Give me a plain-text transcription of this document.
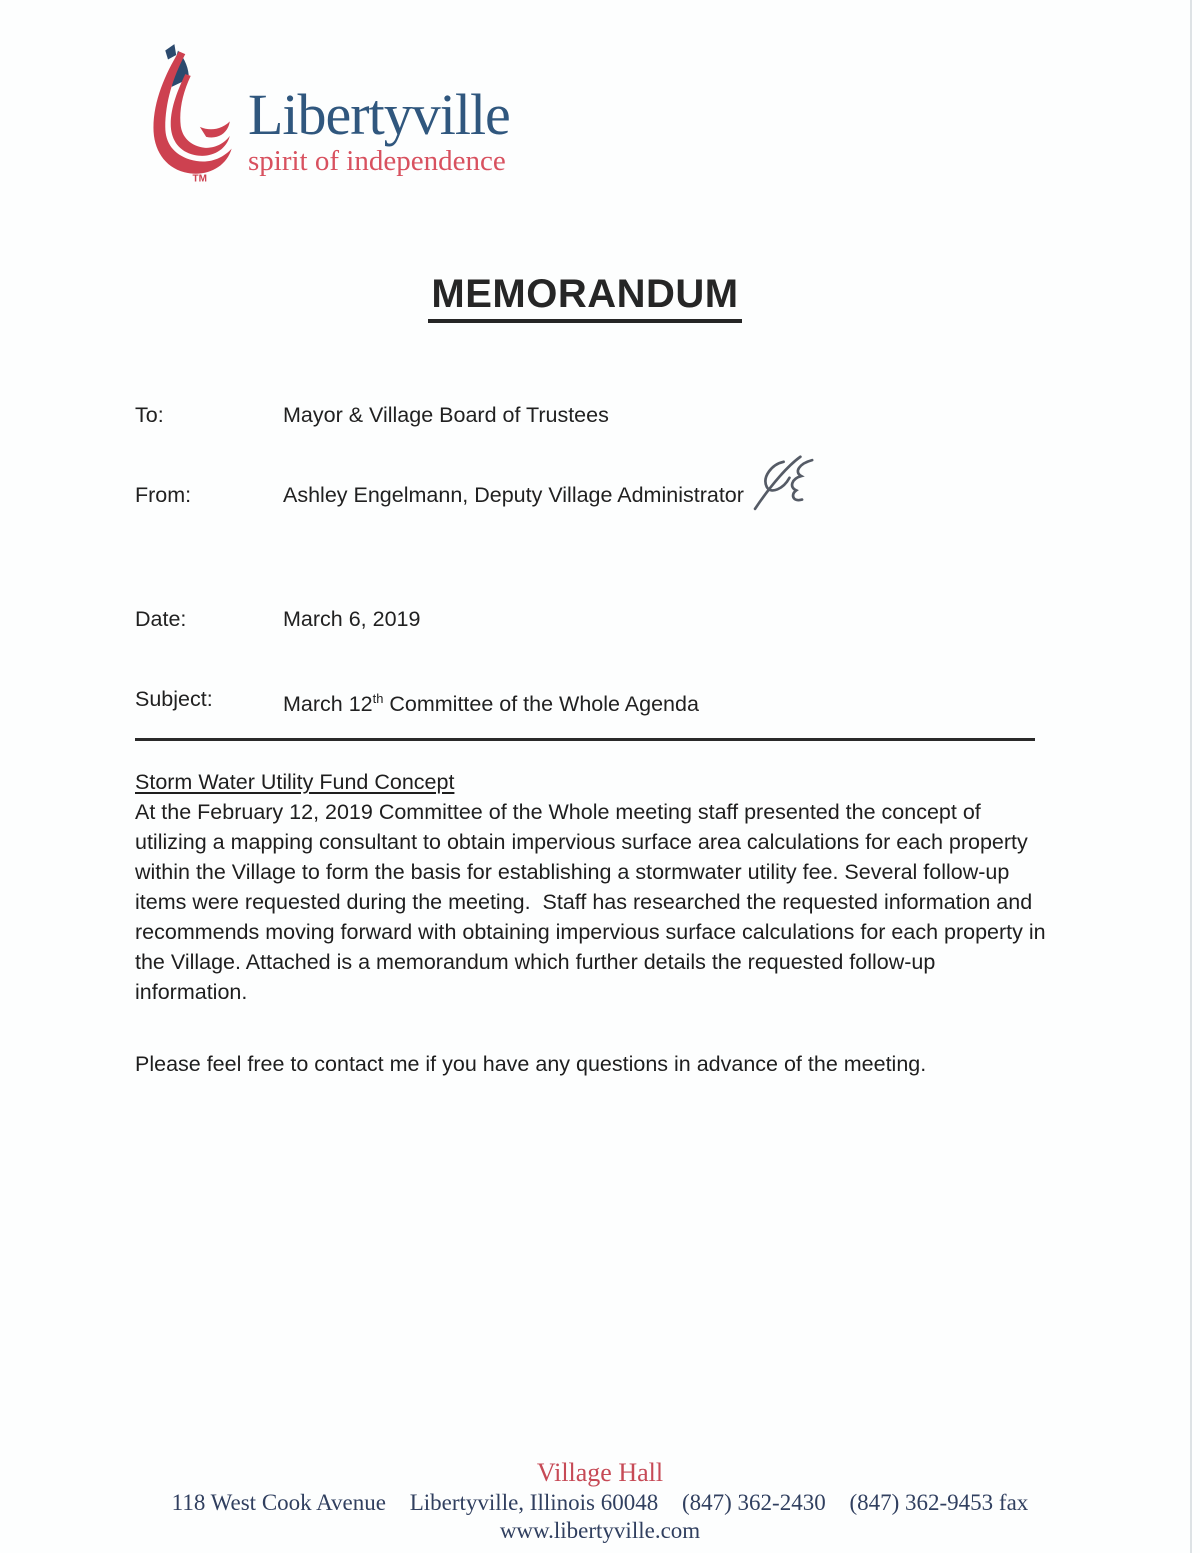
TM
Libertyville
spirit of independence
MEMORANDUM
To:	Mayor & Village Board of Trustees
From:	Ashley Engelmann, Deputy Village Administrator
Date:	March 6, 2019
Subject:	March 12th Committee of the Whole Agenda
Storm Water Utility Fund Concept

At the February 12, 2019 Committee of the Whole meeting staff presented the concept of utilizing a mapping consultant to obtain impervious surface area calculations for each property within the Village to form the basis for establishing a stormwater utility fee. Several follow-up items were requested during the meeting.  Staff has researched the requested information and recommends moving forward with obtaining impervious surface calculations for each property in the Village. Attached is a memorandum which further details the requested follow-up information.

Please feel free to contact me if you have any questions in advance of the meeting.

Village Hall
118 West Cook Avenue Libertyville, Illinois 60048 (847) 362-2430 (847) 362-9453 fax
www.libertyville.com
